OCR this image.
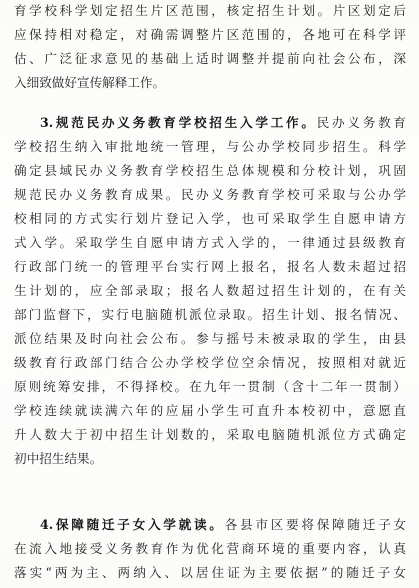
育学校科学划定招生片区范围，核定招生计划。片区划定后
应保持相对稳定，对确需调整片区范围的，各地可在科学评
估、广泛征求意见的基础上适时调整并提前向社会公布，深
入细致做好宣传解释工作。
3.规范民办义务教育学校招生入学工作。民办义务教育
学校招生纳入审批地统一管理，与公办学校同步招生。科学
确定县域民办义务教育学校招生总体规模和分校计划，巩固
规范民办义务教育成果。民办义务教育学校可采取与公办学
校相同的方式实行划片登记入学，也可采取学生自愿申请方
式入学。采取学生自愿申请方式入学的，一律通过县级教育
行政部门统一的管理平台实行网上报名，报名人数未超过招
生计划的，应全部录取；报名人数超过招生计划的，在有关
部门监督下，实行电脑随机派位录取。招生计划、报名情况、
派位结果及时向社会公布。参与摇号未被录取的学生，由县
级教育行政部门结合公办学校学位空余情况，按照相对就近
原则统筹安排，不得择校。在九年一贯制（含十二年一贯制）
学校连续就读满六年的应届小学生可直升本校初中，意愿直
升人数大于初中招生计划数的，采取电脑随机派位方式确定
初中招生结果。
4.保障随迁子女入学就读。各县市区要将保障随迁子女
在流入地接受义务教育作为优化营商环境的重要内容，认真
落实“两为主、两纳入、以居住证为主要依据”的随迁子女
